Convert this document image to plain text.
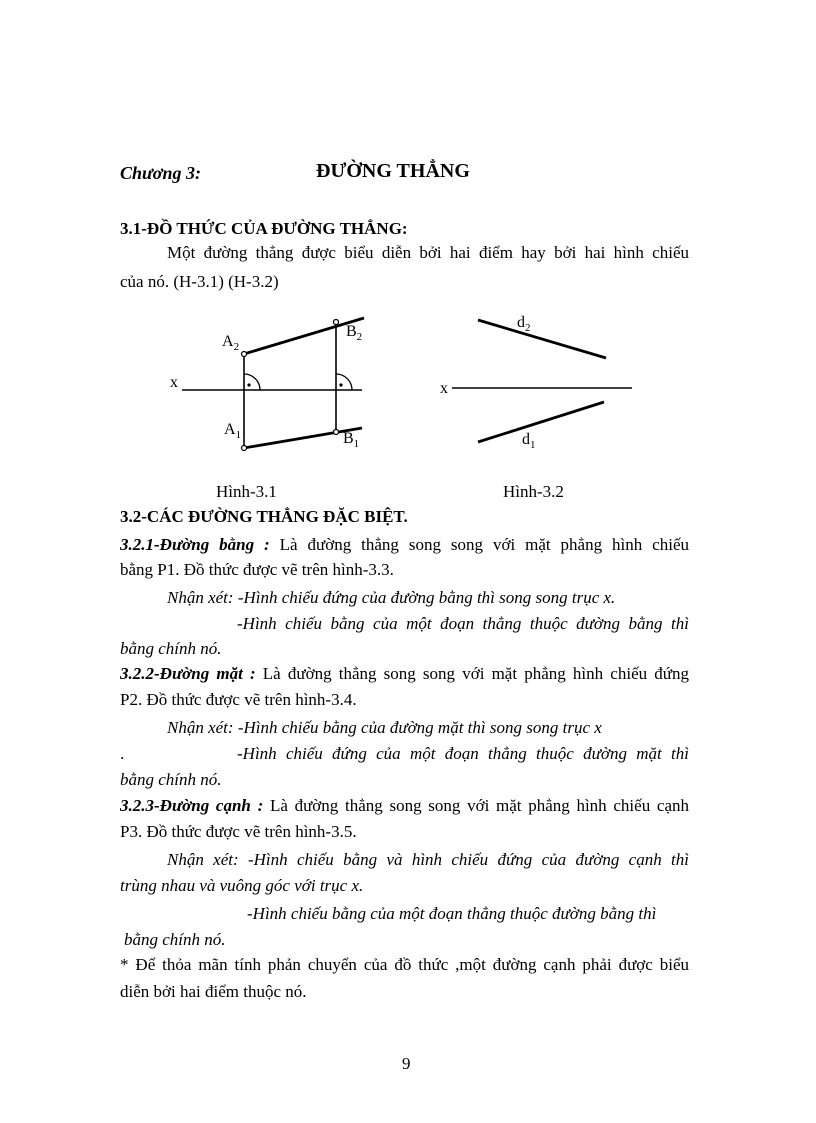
Chương 3:	ĐƯỜNG THẲNG
3.1-ĐỒ THỨC CỦA ĐƯỜNG THẲNG:
Một đường thẳng được biểu diễn bởi hai điểm hay bởi hai hình chiếu
của nó. (H-3.1) (H-3.2)
x
$A_2$
$B_2$
$A_1$	$B_1$
x
$d_2$
$d_1$
Hình-3.1	Hình-3.2
3.2-CÁC ĐƯỜNG THẲNG ĐẶC BIỆT.
3.2.1-Đường bằng : Là đường thẳng song song với mặt phẳng hình chiếu
bằng P1. Đồ thức được vẽ trên hình-3.3.
Nhận xét: -Hình chiếu đứng của đường bằng thì song song trục x.
-Hình chiếu bằng của một đoạn thẳng thuộc đường bằng thì
bằng chính nó.
3.2.2-Đường mặt : Là đường thẳng song song với mặt phẳng hình chiếu đứng
P2. Đồ thức được vẽ trên hình-3.4.
Nhận xét: -Hình chiếu bằng của đường mặt thì song song trục x
.	-Hình chiếu đứng của một đoạn thẳng thuộc đường mặt thì
bằng chính nó.
3.2.3-Đường cạnh : Là đường thẳng song song với mặt phẳng hình chiếu cạnh
P3. Đồ thức được vẽ trên hình-3.5.
Nhận xét: -Hình chiếu bằng và hình chiếu đứng của đường cạnh thì
trùng nhau và vuông góc với trục x.
-Hình chiếu bằng của một đoạn thẳng thuộc đường bằng thì
bằng chính nó.
* Để thỏa mãn tính phản chuyển của đồ thức ,một đường cạnh phải được biểu
diễn bởi hai điểm thuộc nó.
9
